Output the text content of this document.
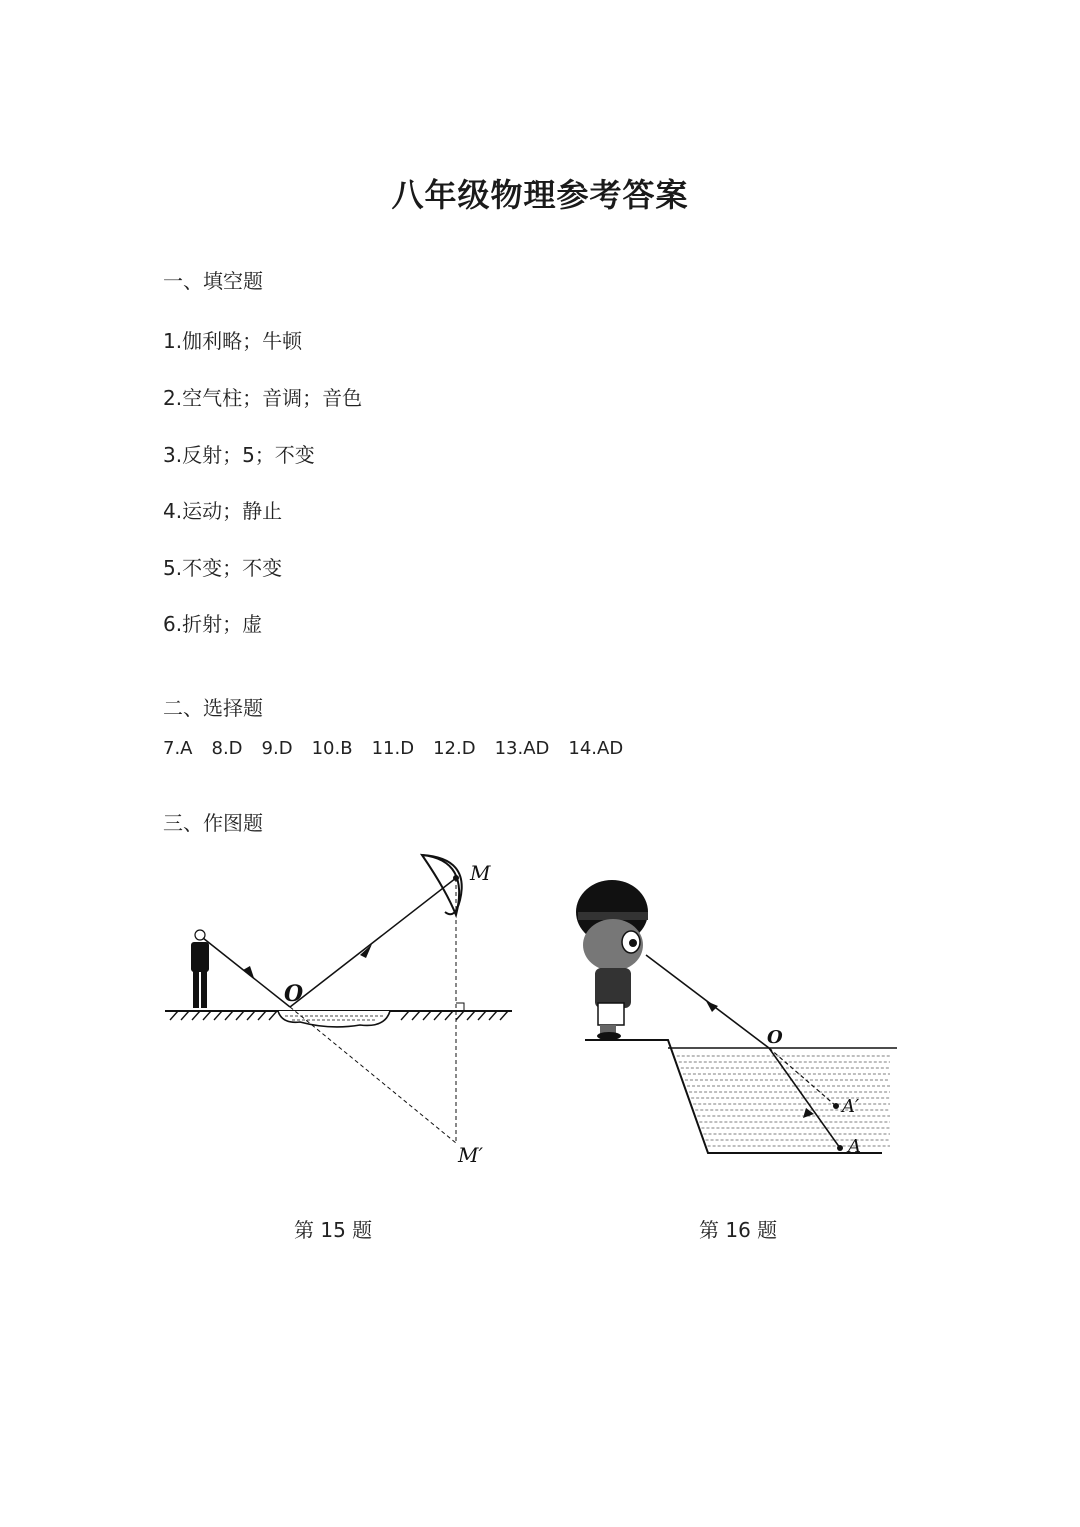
八年级物理参考答案
一、填空题
1.伽利略；牛顿
2.空气柱；音调；音色
3.反射；5；不变
4.运动；静止
5.不变；不变
6.折射；虚
二、选择题
7.A 8.D 9.D 10.B 11.D 12.D 13.AD 14.AD
三、作图题
M
O
M′
第 15 题
O
A′
A
第 16 题
